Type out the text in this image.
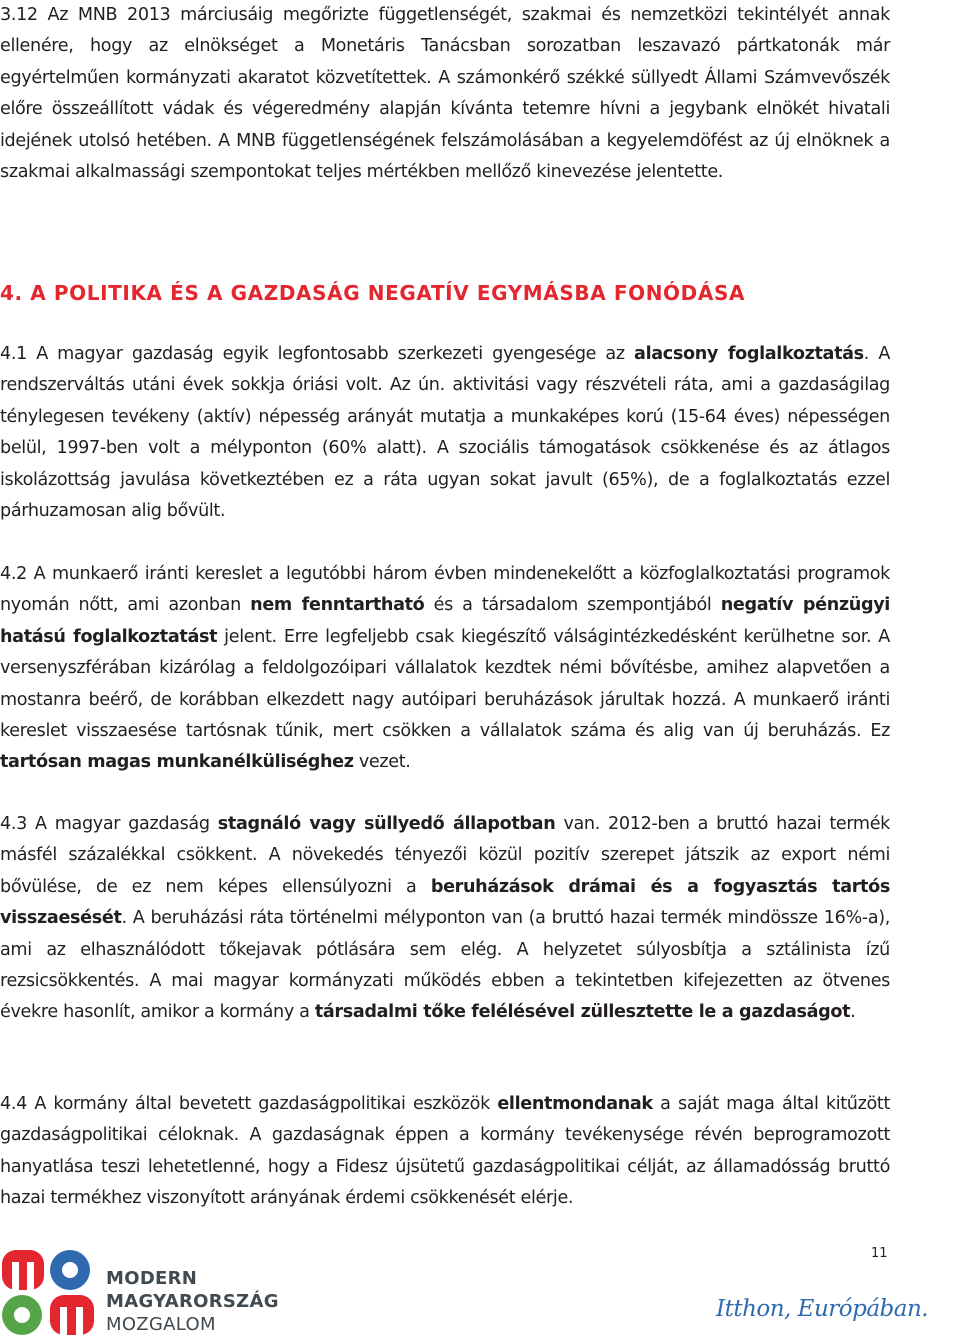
3.12 Az MNB 2013 márciusáig megőrizte függetlenségét, szakmai és nemzetközi tekintélyét annak ellenére, hogy az elnökséget a Monetáris Tanácsban sorozatban leszavazó pártkatonák már egyértelműen kormányzati akaratot közvetítettek. A számonkérő székké süllyedt Állami Számvevőszék előre összeállított vádak és végeredmény alapján kívánta tetemre hívni a jegybank elnökét hivatali idejének utolsó hetében. A MNB függetlenségének felszámolásában a kegyelemdöfést az új elnöknek a szakmai alkalmassági szempontokat teljes mértékben mellőző kinevezése jelentette.

4. A POLITIKA ÉS A GAZDASÁG NEGATÍV EGYMÁSBA FONÓDÁSA

4.1 A magyar gazdaság egyik legfontosabb szerkezeti gyengesége az alacsony foglalkoztatás. A rendszerváltás utáni évek sokkja óriási volt. Az ún. aktivitási vagy részvételi ráta, ami a gazdaságilag ténylegesen tevékeny (aktív) népesség arányát mutatja a munkaképes korú (15-64 éves) népességen belül, 1997-ben volt a mélyponton (60% alatt). A szociális támogatások csökkenése és az átlagos iskolázottság javulása következtében ez a ráta ugyan sokat javult (65%), de a foglalkoztatás ezzel párhuzamosan alig bővült.

4.2 A munkaerő iránti kereslet a legutóbbi három évben mindenekelőtt a közfoglalkoztatási programok nyomán nőtt, ami azonban nem fenntartható és a társadalom szempontjából negatív pénzügyi hatású foglalkoztatást jelent. Erre legfeljebb csak kiegészítő válságintézkedésként kerülhetne sor. A versenyszférában kizárólag a feldolgozóipari vállalatok kezdtek némi bővítésbe, amihez alapvetően a mostanra beérő, de korábban elkezdett nagy autóipari beruházások járultak hozzá. A munkaerő iránti kereslet visszaesése tartósnak tűnik, mert csökken a vállalatok száma és alig van új beruházás. Ez tartósan magas munkanélküliséghez vezet.

4.3 A magyar gazdaság stagnáló vagy süllyedő állapotban van. 2012-ben a bruttó hazai termék másfél százalékkal csökkent. A növekedés tényezői közül pozitív szerepet játszik az export némi bővülése, de ez nem képes ellensúlyozni a beruházások drámai és a fogyasztás tartós visszaesését. A beruházási ráta történelmi mélyponton van (a bruttó hazai termék mindössze 16%-a), ami az elhasználódott tőkejavak pótlására sem elég. A helyzetet súlyosbítja a sztálinista ízű rezsicsökkentés. A mai magyar kormányzati működés ebben a tekintetben kifejezetten az ötvenes évekre hasonlít, amikor a kormány a társadalmi tőke felélésével züllesztette le a gazdaságot.

4.4 A kormány által bevetett gazdaságpolitikai eszközök ellentmondanak a saját maga által kitűzött gazdaságpolitikai céloknak. A gazdaságnak éppen a kormány tevékenysége révén beprogramozott hanyatlása teszi lehetetlenné, hogy a Fidesz újsütetű gazdaságpolitikai célját, az államadósság bruttó hazai termékhez viszonyított arányának érdemi csökkenését elérje.

11
MODERN
MAGYARORSZÁG
MOZGALOM
Itthon, Európában.
